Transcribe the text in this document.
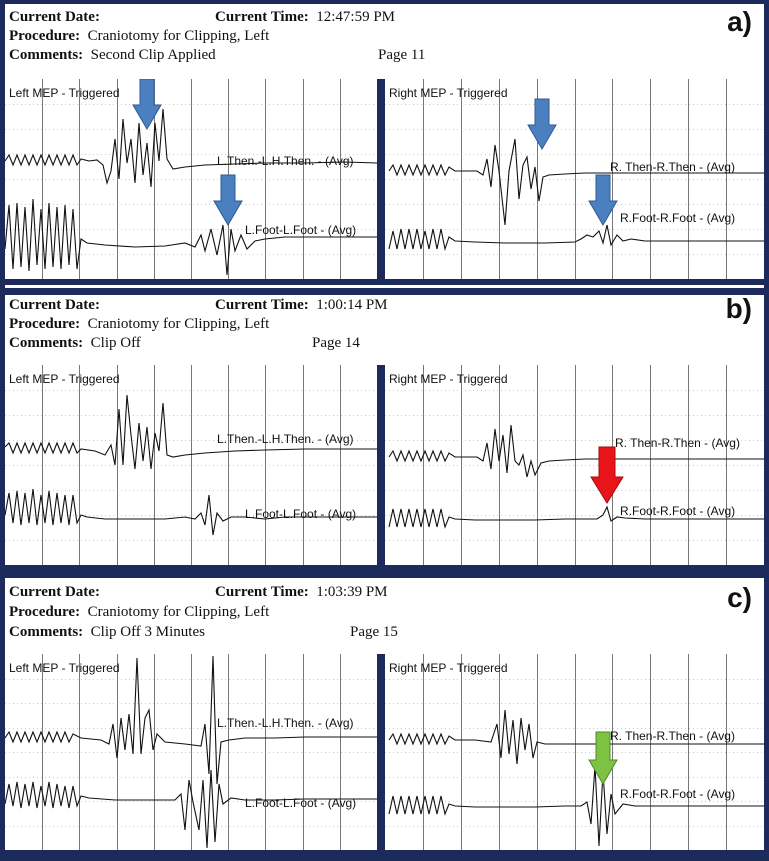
Current Date:	Current Time: 12:47:59 PM
Procedure: Craniotomy for Clipping, Left
Comments: Second Clip Applied	Page 11
a)
Left MEP - Triggered
L.Then.-L.H.Then. - (Avg)
L.Foot-L.Foot - (Avg)
Right MEP - Triggered
R. Then-R.Then - (Avg)
R.Foot-R.Foot - (Avg)
Current Date:	Current Time: 1:00:14 PM
Procedure: Craniotomy for Clipping, Left
Comments: Clip Off	Page 14
b)
Left MEP - Triggered
L.Then.-L.H.Then. - (Avg)
L.Foot-L.Foot - (Avg)
Right MEP - Triggered
R. Then-R.Then - (Avg)
R.Foot-R.Foot - (Avg)
Current Date:	Current Time: 1:03:39 PM
Procedure: Craniotomy for Clipping, Left
Comments: Clip Off 3 Minutes	Page 15
c)
Left MEP - Triggered
L.Then.-L.H.Then. - (Avg)
L.Foot-L.Foot - (Avg)
Right MEP - Triggered
R. Then-R.Then - (Avg)
R.Foot-R.Foot - (Avg)
